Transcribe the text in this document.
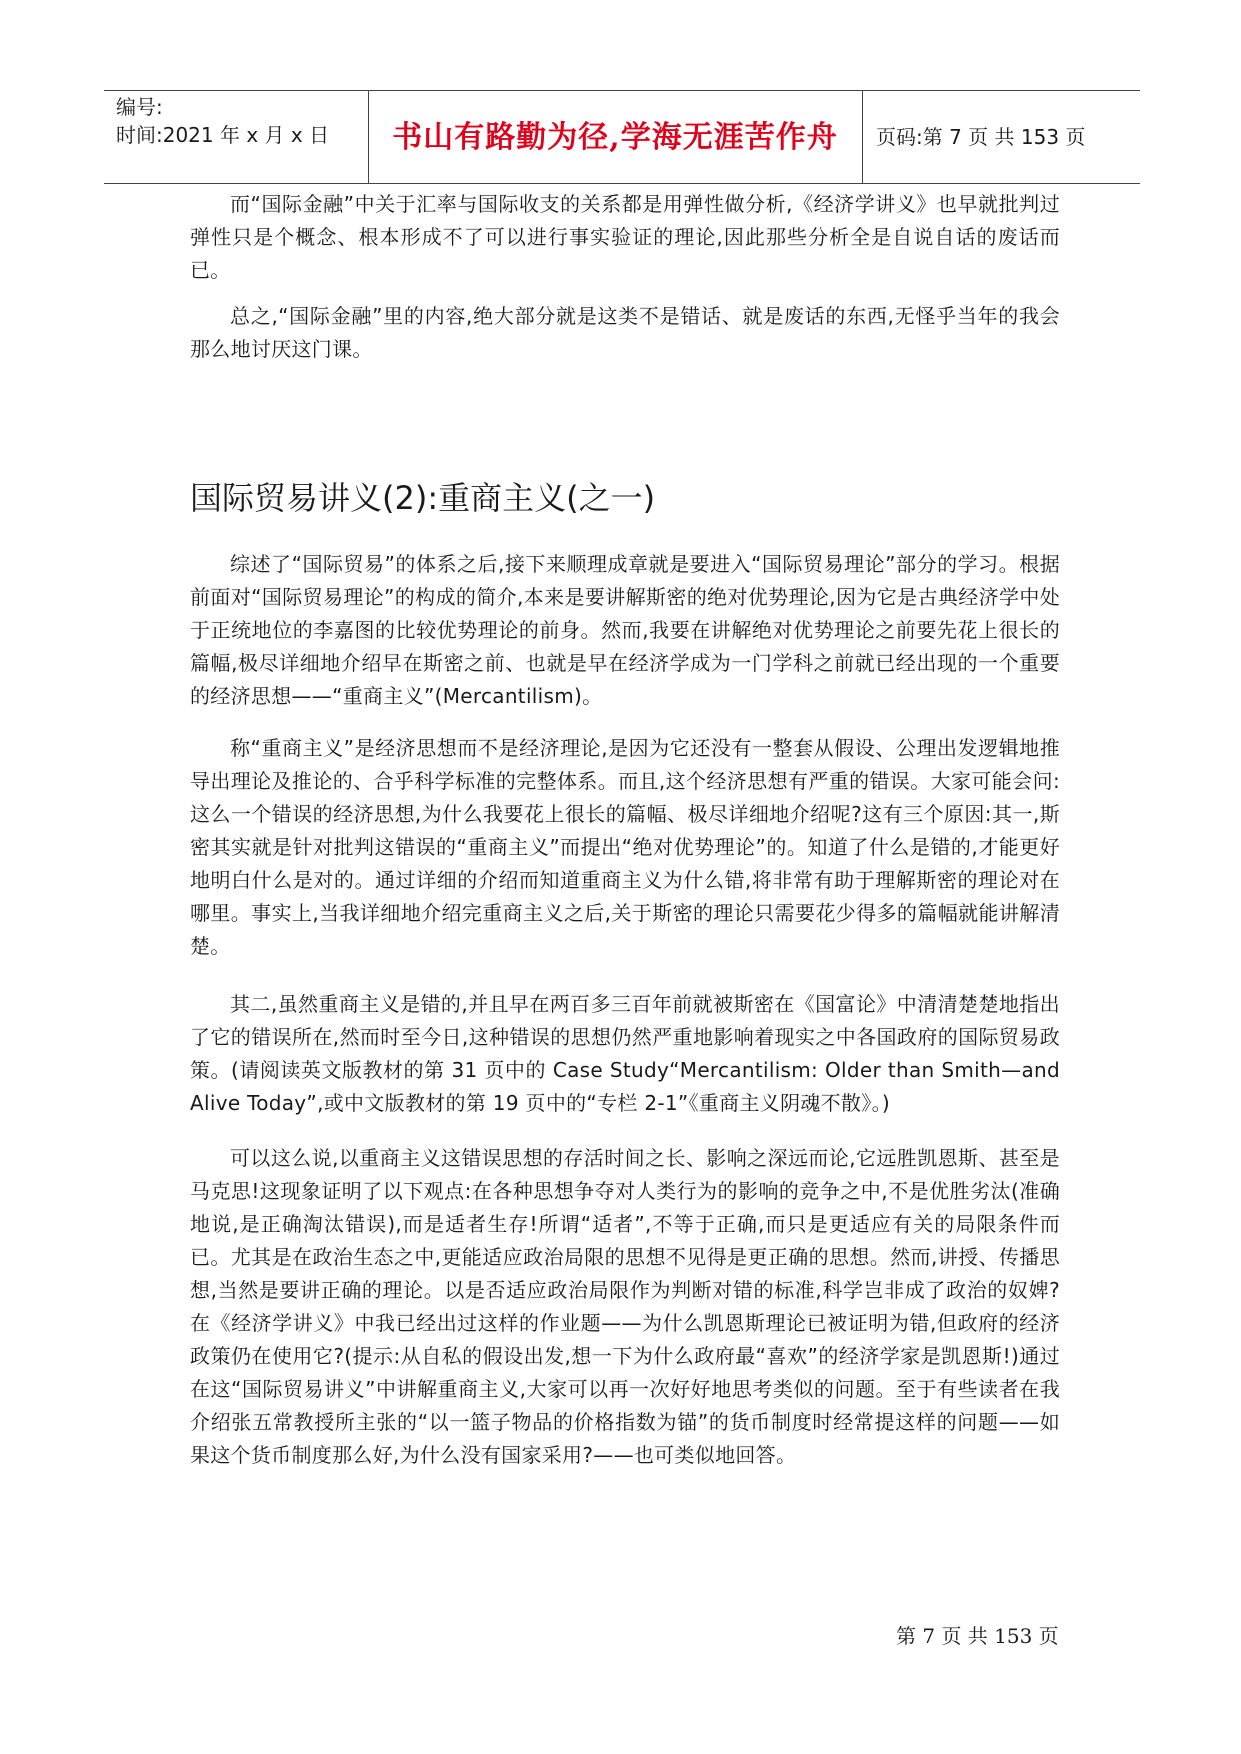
编号:
时间:2021 年 x 月 x 日	书山有路勤为径,学海无涯苦作舟	页码:第 7 页 共 153 页

而“国际金融”中关于汇率与国际收支的关系都是用弹性做分析,《经济学讲义》也早就批判过弹性只是个概念、根本形成不了可以进行事实验证的理论,因此那些分析全是自说自话的废话而已。

总之,“国际金融”里的内容,绝大部分就是这类不是错话、就是废话的东西,无怪乎当年的我会那么地讨厌这门课。

国际贸易讲义(2):重商主义(之一)

综述了“国际贸易”的体系之后,接下来顺理成章就是要进入“国际贸易理论”部分的学习。根据前面对“国际贸易理论”的构成的简介,本来是要讲解斯密的绝对优势理论,因为它是古典经济学中处于正统地位的李嘉图的比较优势理论的前身。然而,我要在讲解绝对优势理论之前要先花上很长的篇幅,极尽详细地介绍早在斯密之前、也就是早在经济学成为一门学科之前就已经出现的一个重要的经济思想——“重商主义”(Mercantilism)。

称“重商主义”是经济思想而不是经济理论,是因为它还没有一整套从假设、公理出发逻辑地推导出理论及推论的、合乎科学标准的完整体系。而且,这个经济思想有严重的错误。大家可能会问:这么一个错误的经济思想,为什么我要花上很长的篇幅、极尽详细地介绍呢?这有三个原因:其一,斯密其实就是针对批判这错误的“重商主义”而提出“绝对优势理论”的。知道了什么是错的,才能更好地明白什么是对的。通过详细的介绍而知道重商主义为什么错,将非常有助于理解斯密的理论对在哪里。事实上,当我详细地介绍完重商主义之后,关于斯密的理论只需要花少得多的篇幅就能讲解清楚。

其二,虽然重商主义是错的,并且早在两百多三百年前就被斯密在《国富论》中清清楚楚地指出了它的错误所在,然而时至今日,这种错误的思想仍然严重地影响着现实之中各国政府的国际贸易政策。(请阅读英文版教材的第 31 页中的 Case Study“Mercantilism: Older than Smith—and Alive Today”,或中文版教材的第 19 页中的“专栏 2-1”《重商主义阴魂不散》。)

可以这么说,以重商主义这错误思想的存活时间之长、影响之深远而论,它远胜凯恩斯、甚至是马克思!这现象证明了以下观点:在各种思想争夺对人类行为的影响的竞争之中,不是优胜劣汰(准确地说,是正确淘汰错误),而是适者生存!所谓“适者”,不等于正确,而只是更适应有关的局限条件而已。尤其是在政治生态之中,更能适应政治局限的思想不见得是更正确的思想。然而,讲授、传播思想,当然是要讲正确的理论。以是否适应政治局限作为判断对错的标准,科学岂非成了政治的奴婢?在《经济学讲义》中我已经出过这样的作业题——为什么凯恩斯理论已被证明为错,但政府的经济政策仍在使用它?(提示:从自私的假设出发,想一下为什么政府最“喜欢”的经济学家是凯恩斯!)通过在这“国际贸易讲义”中讲解重商主义,大家可以再一次好好地思考类似的问题。至于有些读者在我介绍张五常教授所主张的“以一篮子物品的价格指数为锚”的货币制度时经常提这样的问题——如果这个货币制度那么好,为什么没有国家采用?——也可类似地回答。

第 7 页 共 153 页
